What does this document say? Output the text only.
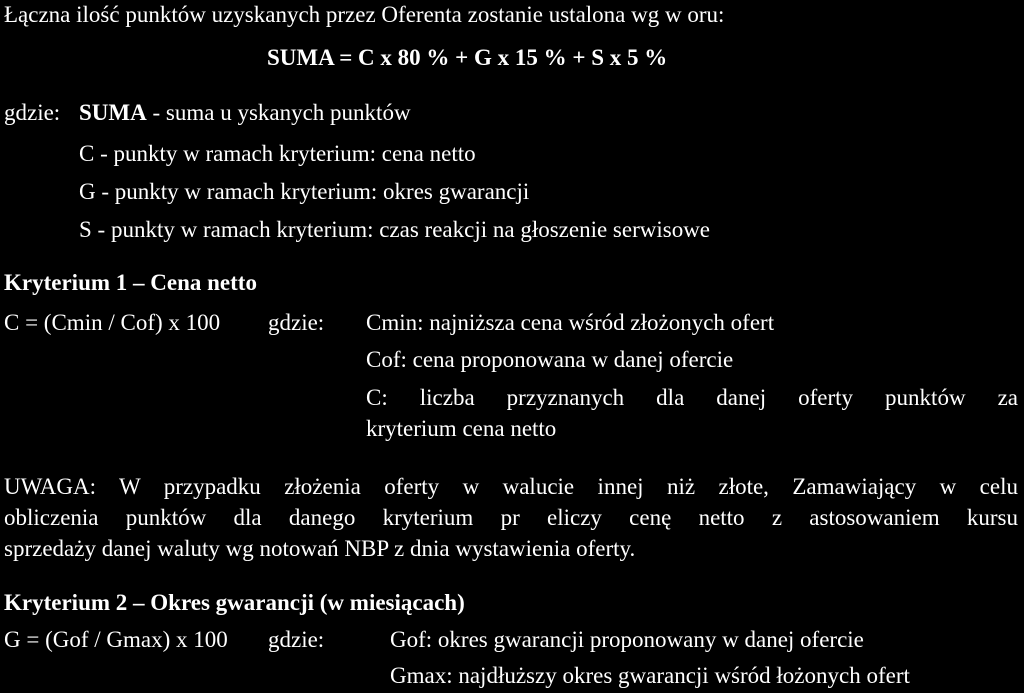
Łączna ilość punktów uzyskanych przez Oferenta zostanie ustalona wg w oru:
SUMA = C x 80 % + G x 15 % + S x 5 %
gdzie: SUMA - suma u yskanych punktów
C - punkty w ramach kryterium: cena netto
G - punkty w ramach kryterium: okres gwarancji
S - punkty w ramach kryterium: czas reakcji na głoszenie serwisowe
Kryterium 1 – Cena netto
C = (Cmin / Cof) x 100 gdzie: Cmin: najniższa cena wśród złożonych ofert
Cof: cena proponowana w danej ofercie
C: liczba przyznanych dla danej oferty punktów za
kryterium cena netto
UWAGA: W przypadku złożenia oferty w walucie innej niż złote, Zamawiający w celu
obliczenia punktów dla danego kryterium pr eliczy cenę netto z astosowaniem kursu
sprzedaży danej waluty wg notowań NBP z dnia wystawienia oferty.
Kryterium 2 – Okres gwarancji (w miesiącach)
G = (Gof / Gmax) x 100 gdzie:	Gof: okres gwarancji proponowany w danej ofercie
Gmax: najdłuższy okres gwarancji wśród łożonych ofert
